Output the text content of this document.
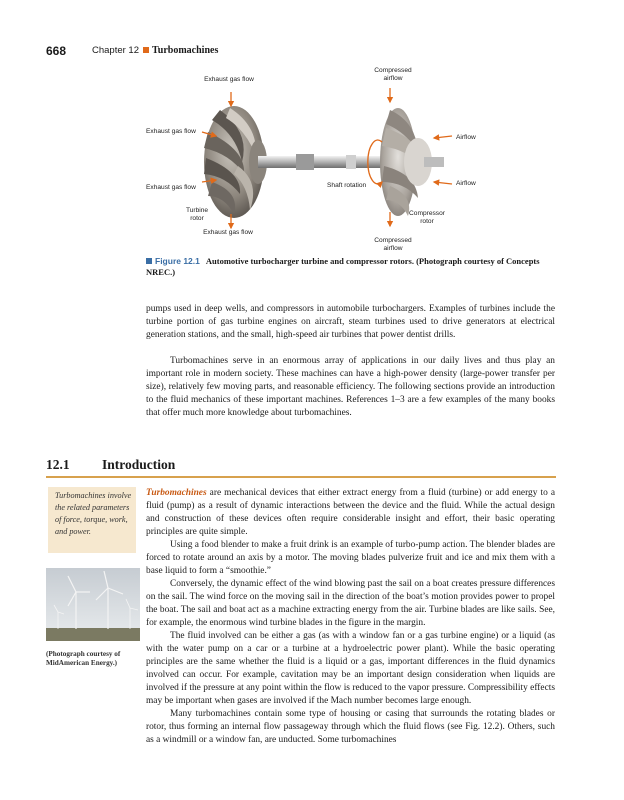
668	Chapter 12 Turbomachines
Exhaust gas flow
Compressed airflow
Exhaust gas flow
Airflow
Exhaust gas flow	Shaft rotation	Airflow
Turbine rotor
Compressor rotor
Exhaust gas flow
Compressed airflow
Figure 12.1 Automotive turbocharger turbine and compressor rotors. (Photograph courtesy of Concepts NREC.)

pumps used in deep wells, and compressors in automobile turbochargers. Examples of turbines include the turbine portion of gas turbine engines on aircraft, steam turbines used to drive generators at electrical generation stations, and the small, high-speed air turbines that power dentist drills.

Turbomachines serve in an enormous array of applications in our daily lives and thus play an important role in modern society. These machines can have a high-power density (large-power transfer per size), relatively few moving parts, and reasonable efficiency. The following sections provide an introduction to the fluid mechanics of these important machines. References 1–3 are a few examples of the many books that offer much more knowledge about turbomachines.

12.1 Introduction
Turbomachines involve the related parameters of force, torque, work, and power.
(Photograph courtesy of MidAmerican Energy.)

Turbomachines are mechanical devices that either extract energy from a fluid (turbine) or add energy to a fluid (pump) as a result of dynamic interactions between the device and the fluid. While the actual design and construction of these devices often require considerable insight and effort, their basic operating principles are quite simple.

Using a food blender to make a fruit drink is an example of turbo-pump action. The blender blades are forced to rotate around an axis by a motor. The moving blades pulverize fruit and ice and mix them with a base liquid to form a “smoothie.”

Conversely, the dynamic effect of the wind blowing past the sail on a boat creates pressure differences on the sail. The wind force on the moving sail in the direction of the boat’s motion provides power to propel the boat. The sail and boat act as a machine extracting energy from the air. Turbine blades are like sails. See, for example, the enormous wind turbine blades in the figure in the margin.

The fluid involved can be either a gas (as with a window fan or a gas turbine engine) or a liquid (as with the water pump on a car or a turbine at a hydroelectric power plant). While the basic operating principles are the same whether the fluid is a liquid or a gas, important differences in the fluid dynamics involved can occur. For example, cavitation may be an important design consideration when liquids are involved if the pressure at any point within the flow is reduced to the vapor pressure. Compressibility effects may be important when gases are involved if the Mach number becomes large enough.

Many turbomachines contain some type of housing or casing that surrounds the rotating blades or rotor, thus forming an internal flow passageway through which the fluid flows (see Fig. 12.2). Others, such as a windmill or a window fan, are unducted. Some turbomachines
